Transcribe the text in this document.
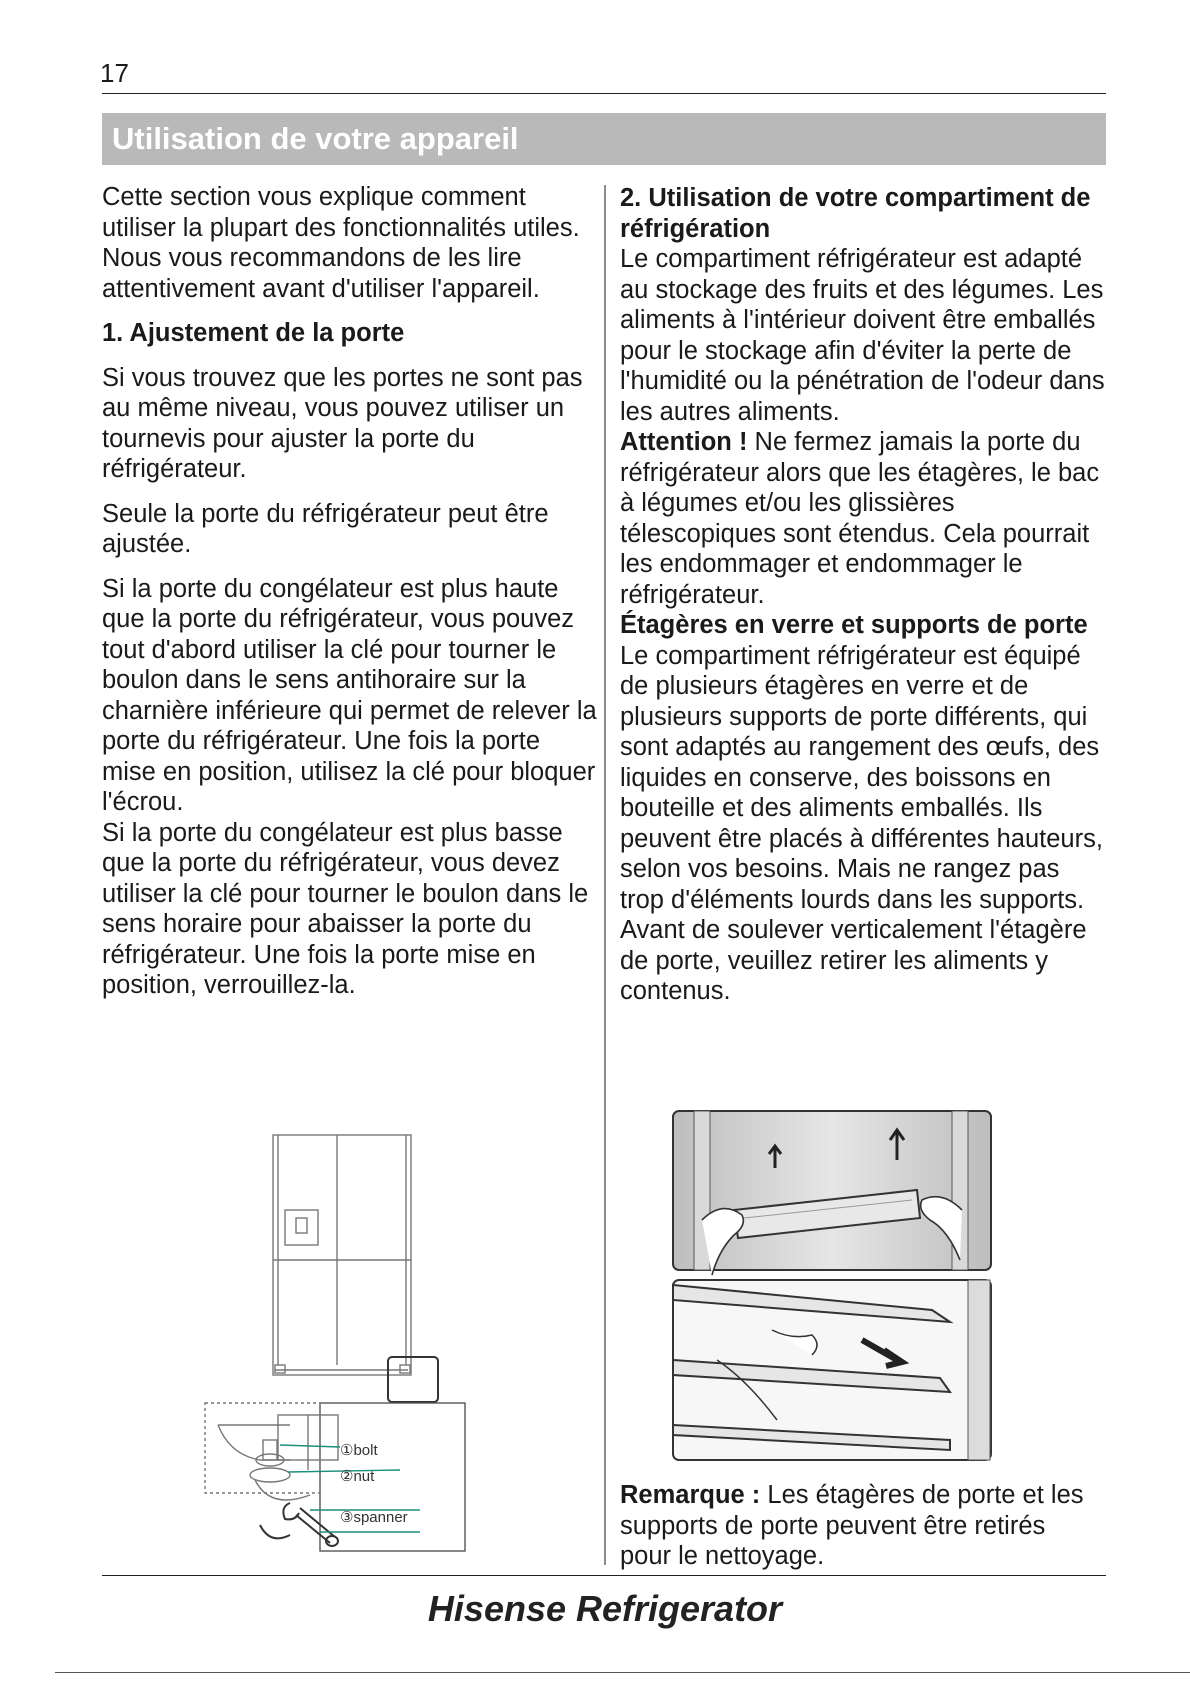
17
Utilisation de votre appareil

Cette section vous explique comment utiliser la plupart des fonctionnalités utiles. Nous vous recommandons de les lire attentivement avant d'utiliser l'appareil.

1. Ajustement de la porte

Si vous trouvez que les portes ne sont pas au même niveau, vous pouvez utiliser un tournevis pour ajuster la porte du réfrigérateur.

Seule la porte du réfrigérateur peut être ajustée.

Si la porte du congélateur est plus haute que la porte du réfrigérateur, vous pouvez tout d'abord utiliser la clé pour tourner le boulon dans le sens antihoraire sur la charnière inférieure qui permet de relever la porte du réfrigérateur. Une fois la porte mise en position, utilisez la clé pour bloquer l'écrou.

Si la porte du congélateur est plus basse que la porte du réfrigérateur, vous devez utiliser la clé pour tourner le boulon dans le sens horaire pour abaisser la porte du réfrigérateur. Une fois la porte mise en position, verrouillez-la.

2. Utilisation de votre compartiment de réfrigération

Le compartiment réfrigérateur est adapté au stockage des fruits et des légumes. Les aliments à l'intérieur doivent être emballés pour le stockage afin d'éviter la perte de l'humidité ou la pénétration de l'odeur dans les autres aliments.

Attention ! Ne fermez jamais la porte du réfrigérateur alors que les étagères, le bac à légumes et/ou les glissières télescopiques sont étendus. Cela pourrait les endommager et endommager le réfrigérateur.

Étagères en verre et supports de porte

Le compartiment réfrigérateur est équipé de plusieurs étagères en verre et de plusieurs supports de porte différents, qui sont adaptés au rangement des œufs, des liquides en conserve, des boissons en bouteille et des aliments emballés. Ils peuvent être placés à différentes hauteurs, selon vos besoins. Mais ne rangez pas trop d'éléments lourds dans les supports. Avant de soulever verticalement l'étagère de porte, veuillez retirer les aliments y contenus.

Remarque : Les étagères de porte et les supports de porte peuvent être retirés pour le nettoyage.

①bolt
②nut
③spanner
Hisense Refrigerator
